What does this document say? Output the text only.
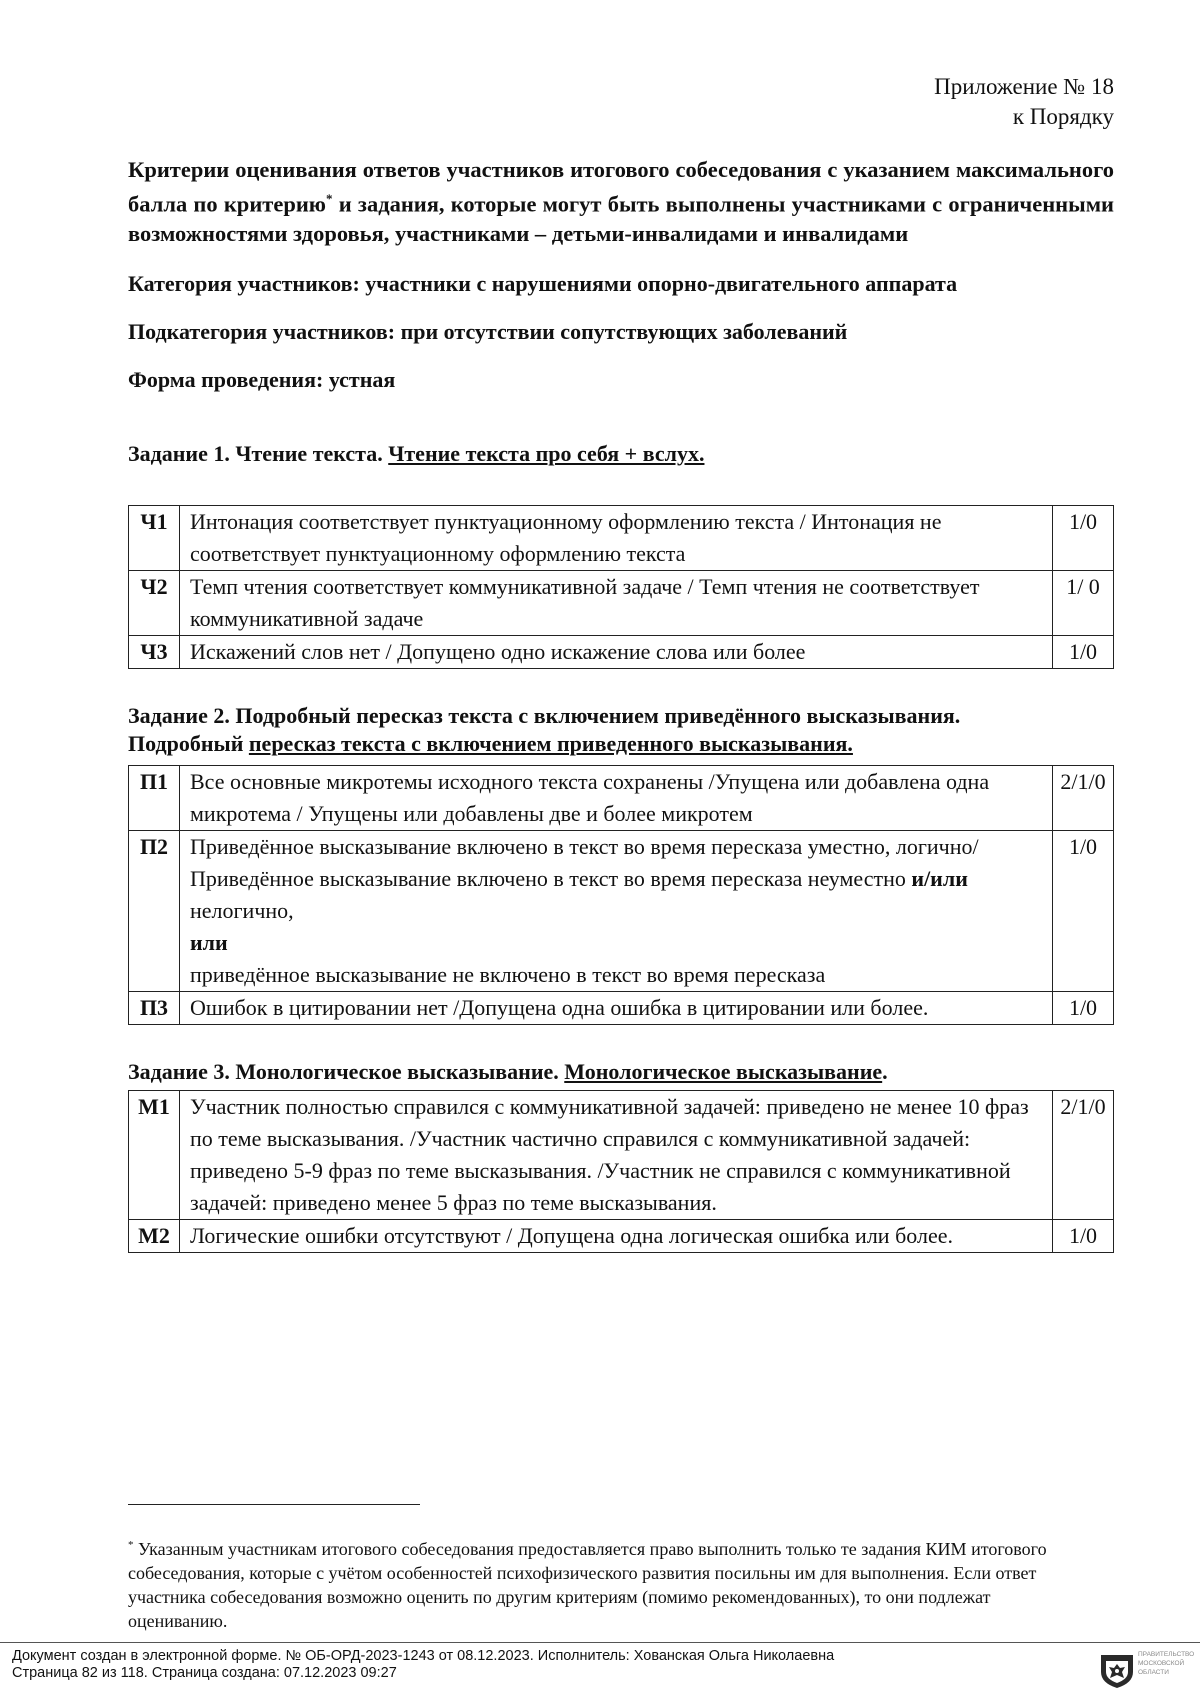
Приложение № 18
к Порядку

Критерии оценивания ответов участников итогового собеседования с указанием максимального балла по критерию* и задания, которые могут быть выполнены участниками с ограниченными возможностями здоровья, участниками – детьми-инвалидами и инвалидами

Категория участников: участники с нарушениями опорно-двигательного аппарата

Подкатегория участников: при отсутствии сопутствующих заболеваний

Форма проведения: устная

Задание 1. Чтение текста. Чтение текста про себя + вслух.

Ч1	Интонация соответствует пунктуационному оформлению текста / Интонация не соответствует пунктуационному оформлению текста	1/0
Ч2	Темп чтения соответствует коммуникативной задаче / Темп чтения не соответствует коммуникативной задаче	1/ 0
Ч3	Искажений слов нет / Допущено одно искажение слова или более	1/0

Задание 2. Подробный пересказ текста с включением приведённого высказывания.
Подробный пересказ текста с включением приведенного высказывания.

П1	Все основные микротемы исходного текста сохранены /Упущена или добавлена одна микротема / Упущены или добавлены две и более микротем	2/1/0
П2	Приведённое высказывание включено в текст во время пересказа уместно, логично/ Приведённое высказывание включено в текст во время пересказа неуместно и/или нелогично,
или
приведённое высказывание не включено в текст во время пересказа	1/0
П3	Ошибок в цитировании нет /Допущена одна ошибка в цитировании или более.	1/0

Задание 3. Монологическое высказывание. Монологическое высказывание.

М1	Участник полностью справился с коммуникативной задачей: приведено не менее 10 фраз по теме высказывания. /Участник частично справился с коммуникативной задачей: приведено 5-9 фраз по теме высказывания. /Участник не справился с коммуникативной задачей: приведено менее 5 фраз по теме высказывания.	2/1/0
М2	Логические ошибки отсутствуют / Допущена одна логическая ошибка или более.	1/0

* Указанным участникам итогового собеседования предоставляется право выполнить только те задания КИМ итогового собеседования, которые с учётом особенностей психофизического развития посильны им для выполнения. Если ответ участника собеседования возможно оценить по другим критериям (помимо рекомендованных), то они подлежат оцениванию.

Документ создан в электронной форме. № ОБ-ОРД-2023-1243 от 08.12.2023. Исполнитель: Хованская Ольга Николаевна
Страница 82 из 118. Страница создана: 07.12.2023 09:27
ПРАВИТЕЛЬСТВО
МОСКОВСКОЙ
ОБЛАСТИ
